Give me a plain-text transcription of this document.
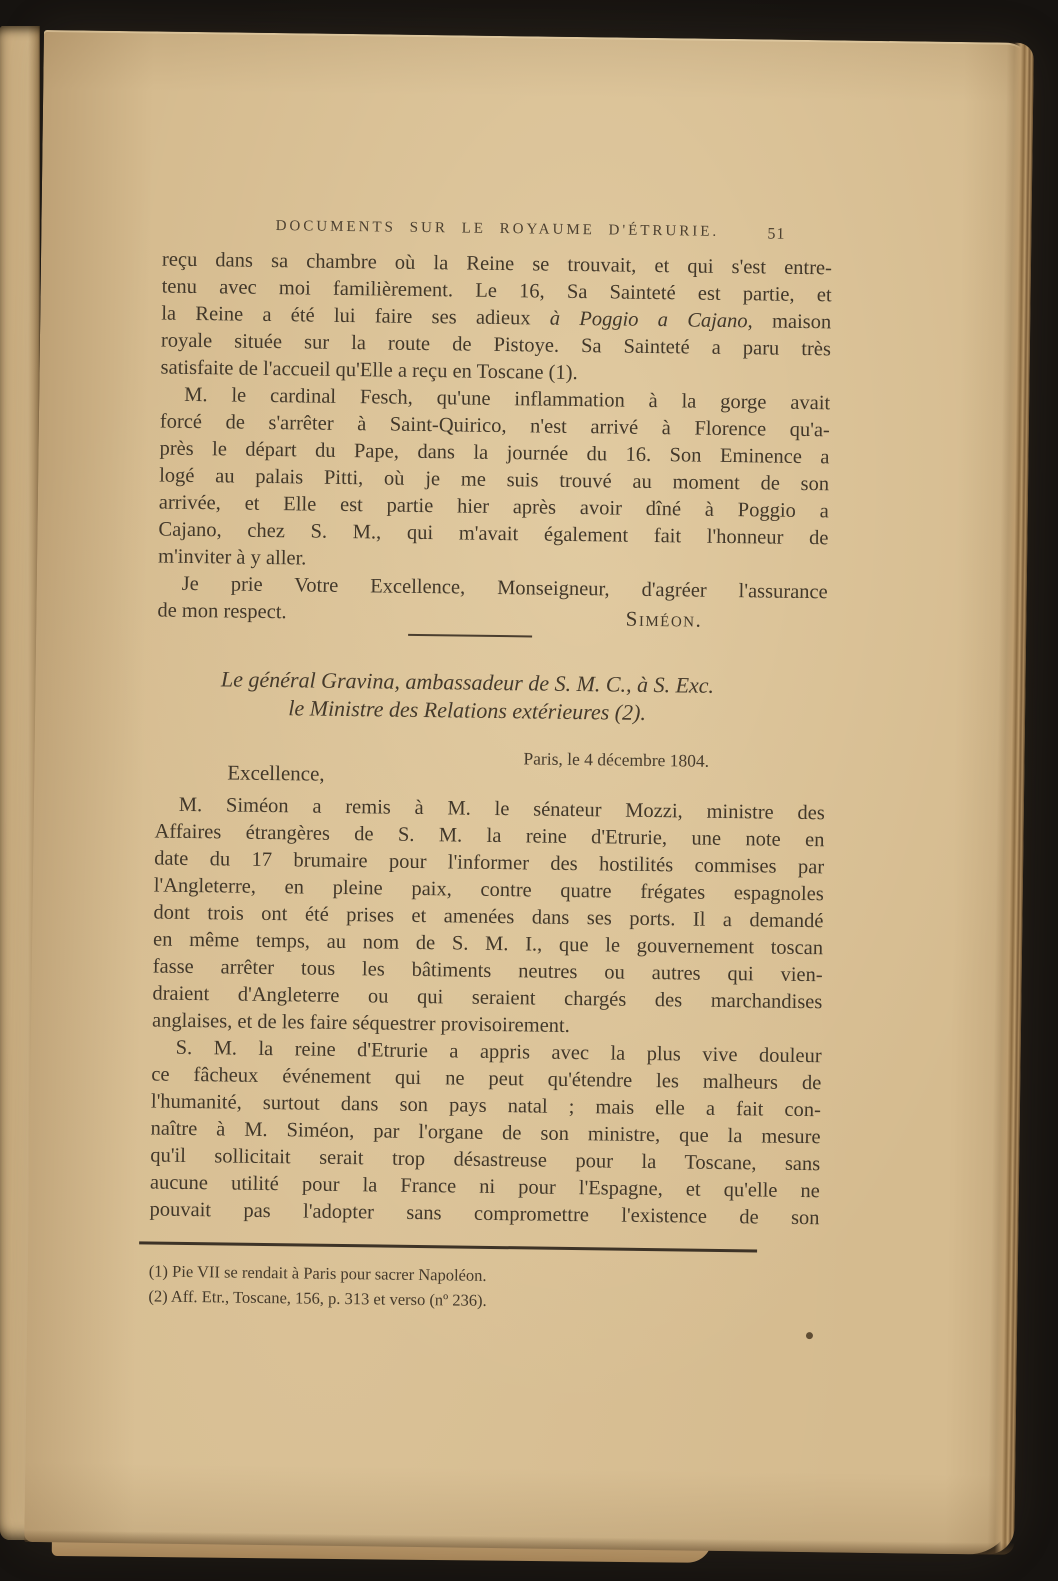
DOCUMENTS SUR LE ROYAUME D'ÉTRURIE.	51
reçu dans sa chambre où la Reine se trouvait, et qui s'est entre-
tenu avec moi familièrement. Le 16, Sa Sainteté est partie, et
la Reine a été lui faire ses adieux à Poggio a Cajano, maison
royale située sur la route de Pistoye. Sa Sainteté a paru très
satisfaite de l'accueil qu'Elle a reçu en Toscane (1).
M. le cardinal Fesch, qu'une inflammation à la gorge avait
forcé de s'arrêter à Saint-Quirico, n'est arrivé à Florence qu'a-
près le départ du Pape, dans la journée du 16. Son Eminence a
logé au palais Pitti, où je me suis trouvé au moment de son
arrivée, et Elle est partie hier après avoir dîné à Poggio a
Cajano, chez S. M., qui m'avait également fait l'honneur de
m'inviter à y aller.
Je prie Votre Excellence, Monseigneur, d'agréer l'assurance
de mon respect.	Siméon.
Le général Gravina, ambassadeur de S. M. C., à S. Exc.
le Ministre des Relations extérieures (2).
Paris, le 4 décembre 1804.
Excellence,
M. Siméon a remis à M. le sénateur Mozzi, ministre des
Affaires étrangères de S. M. la reine d'Etrurie, une note en
date du 17 brumaire pour l'informer des hostilités commises par
l'Angleterre, en pleine paix, contre quatre frégates espagnoles
dont trois ont été prises et amenées dans ses ports. Il a demandé
en même temps, au nom de S. M. I., que le gouvernement toscan
fasse arrêter tous les bâtiments neutres ou autres qui vien-
draient d'Angleterre ou qui seraient chargés des marchandises
anglaises, et de les faire séquestrer provisoirement.
S. M. la reine d'Etrurie a appris avec la plus vive douleur
ce fâcheux événement qui ne peut qu'étendre les malheurs de
l'humanité, surtout dans son pays natal ; mais elle a fait con-
naître à M. Siméon, par l'organe de son ministre, que la mesure
qu'il sollicitait serait trop désastreuse pour la Toscane, sans
aucune utilité pour la France ni pour l'Espagne, et qu'elle ne
pouvait pas l'adopter sans compromettre l'existence de son
(1) Pie VII se rendait à Paris pour sacrer Napoléon.
(2) Aff. Etr., Toscane, 156, p. 313 et verso (nº 236).
